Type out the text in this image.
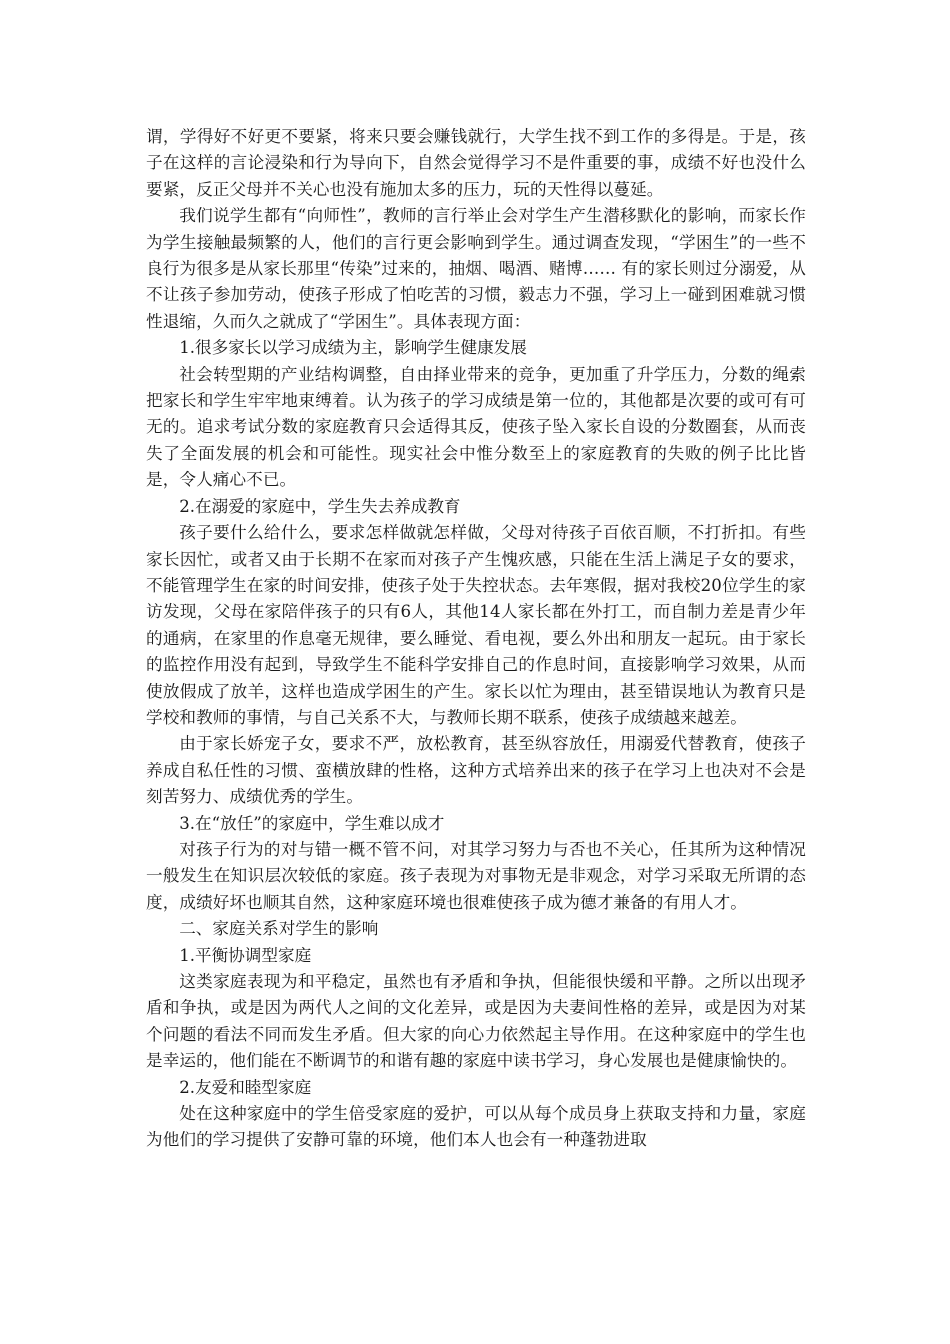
谓，学得好不好更不要紧，将来只要会赚钱就行，大学生找不到工作的多得是。于是，孩子在这样的言论浸染和行为导向下，自然会觉得学习不是件重要的事，成绩不好也没什么要紧，反正父母并不关心也没有施加太多的压力，玩的天性得以蔓延。

我们说学生都有“向师性”，教师的言行举止会对学生产生潜移默化的影响，而家长作为学生接触最频繁的人，他们的言行更会影响到学生。通过调查发现，“学困生”的一些不良行为很多是从家长那里“传染”过来的，抽烟、喝酒、赌博…… 有的家长则过分溺爱，从不让孩子参加劳动，使孩子形成了怕吃苦的习惯，毅志力不强，学习上一碰到困难就习惯性退缩，久而久之就成了“学困生”。具体表现方面：

1.很多家长以学习成绩为主，影响学生健康发展

社会转型期的产业结构调整，自由择业带来的竞争，更加重了升学压力，分数的绳索把家长和学生牢牢地束缚着。认为孩子的学习成绩是第一位的，其他都是次要的或可有可无的。追求考试分数的家庭教育只会适得其反，使孩子坠入家长自设的分数圈套，从而丧失了全面发展的机会和可能性。现实社会中惟分数至上的家庭教育的失败的例子比比皆是，令人痛心不已。

2.在溺爱的家庭中，学生失去养成教育

孩子要什么给什么，要求怎样做就怎样做，父母对待孩子百依百顺，不打折扣。有些家长因忙，或者又由于长期不在家而对孩子产生愧疚感，只能在生活上满足子女的要求，不能管理学生在家的时间安排，使孩子处于失控状态。去年寒假，据对我校20位学生的家访发现，父母在家陪伴孩子的只有6人，其他14人家长都在外打工，而自制力差是青少年的通病，在家里的作息毫无规律，要么睡觉、看电视，要么外出和朋友一起玩。由于家长的监控作用没有起到，导致学生不能科学安排自己的作息时间，直接影响学习效果，从而使放假成了放羊，这样也造成学困生的产生。家长以忙为理由，甚至错误地认为教育只是学校和教师的事情，与自己关系不大，与教师长期不联系，使孩子成绩越来越差。

由于家长娇宠子女，要求不严，放松教育，甚至纵容放任，用溺爱代替教育，使孩子养成自私任性的习惯、蛮横放肆的性格，这种方式培养出来的孩子在学习上也决对不会是刻苦努力、成绩优秀的学生。

3.在“放任”的家庭中，学生难以成才

对孩子行为的对与错一概不管不问，对其学习努力与否也不关心，任其所为这种情况一般发生在知识层次较低的家庭。孩子表现为对事物无是非观念，对学习采取无所谓的态度，成绩好坏也顺其自然，这种家庭环境也很难使孩子成为德才兼备的有用人才。

二、家庭关系对学生的影响

1.平衡协调型家庭

这类家庭表现为和平稳定，虽然也有矛盾和争执，但能很快缓和平静。之所以出现矛盾和争执，或是因为两代人之间的文化差异，或是因为夫妻间性格的差异，或是因为对某个问题的看法不同而发生矛盾。但大家的向心力依然起主导作用。在这种家庭中的学生也是幸运的，他们能在不断调节的和谐有趣的家庭中读书学习，身心发展也是健康愉快的。

2.友爱和睦型家庭

处在这种家庭中的学生倍受家庭的爱护，可以从每个成员身上获取支持和力量，家庭为他们的学习提供了安静可靠的环境，他们本人也会有一种蓬勃进取
